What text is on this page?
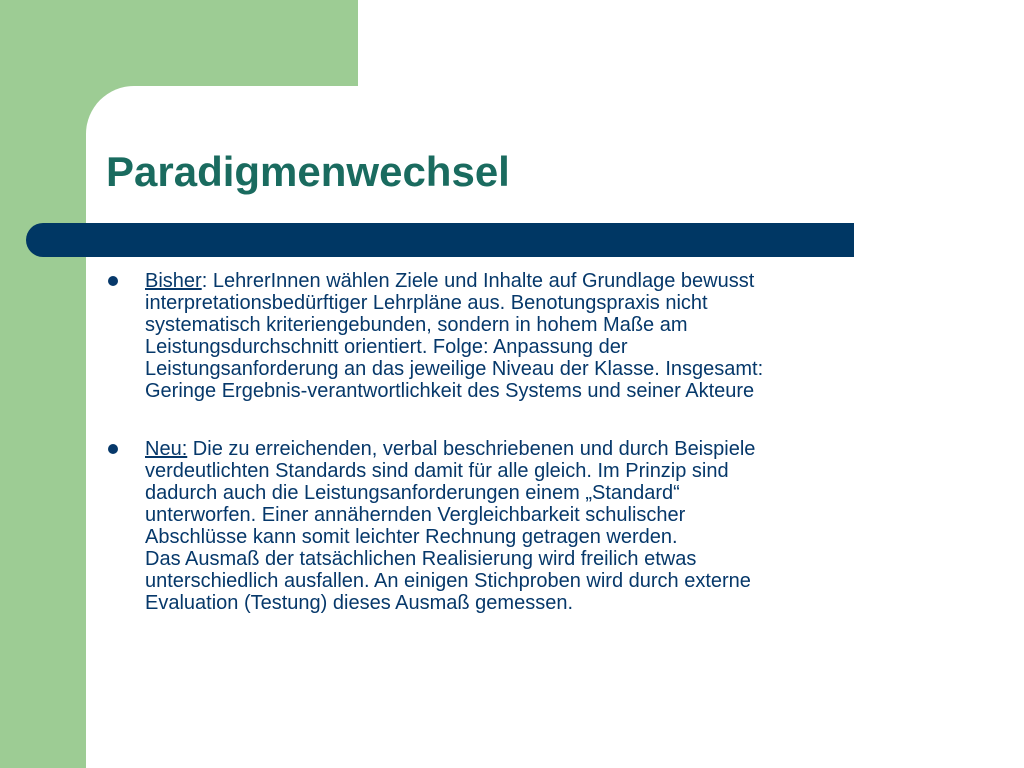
Paradigmenwechsel
Bisher: LehrerInnen wählen Ziele und Inhalte auf Grundlage bewusst
interpretationsbedürftiger Lehrpläne aus. Benotungspraxis nicht
systematisch kriteriengebunden, sondern in hohem Maße am
Leistungsdurchschnitt orientiert. Folge: Anpassung der
Leistungsanforderung an das jeweilige Niveau der Klasse. Insgesamt:
Geringe Ergebnis-verantwortlichkeit des Systems und seiner Akteure
Neu: Die zu erreichenden, verbal beschriebenen und durch Beispiele
verdeutlichten Standards sind damit für alle gleich. Im Prinzip sind
dadurch auch die Leistungsanforderungen einem „Standard“
unterworfen. Einer annähernden Vergleichbarkeit schulischer
Abschlüsse kann somit leichter Rechnung getragen werden.
Das Ausmaß der tatsächlichen Realisierung wird freilich etwas
unterschiedlich ausfallen. An einigen Stichproben wird durch externe
Evaluation (Testung) dieses Ausmaß gemessen.
